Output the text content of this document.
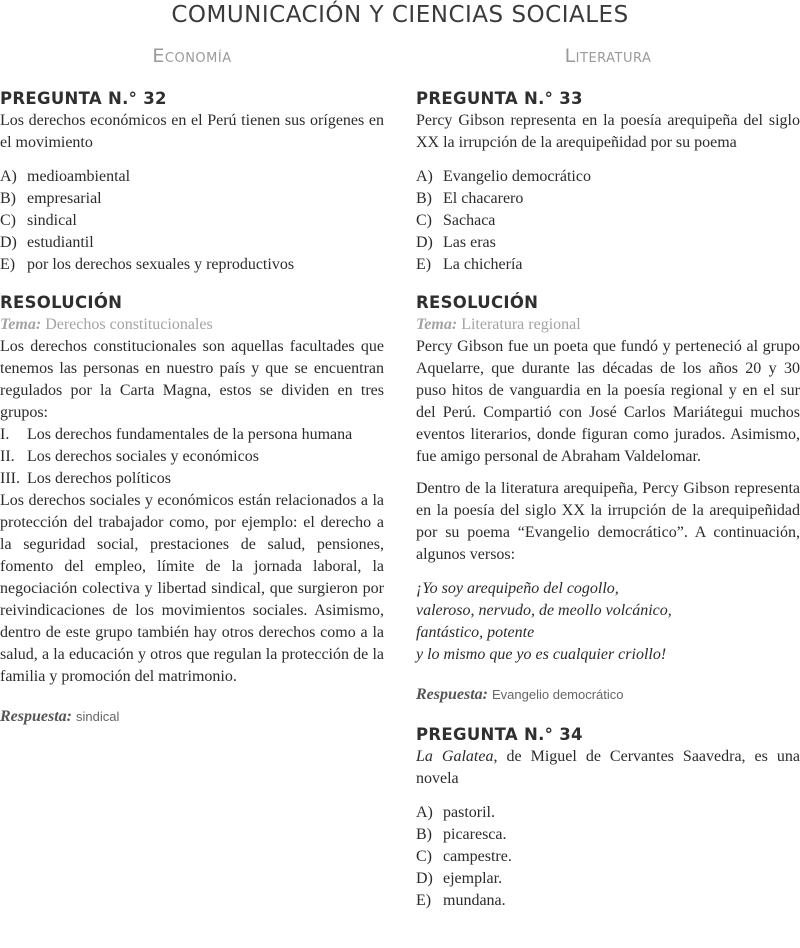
COMUNICACIÓN Y CIENCIAS SOCIALES
Economía
PREGUNTA N.° 32

Los derechos económicos en el Perú tienen sus orígenes en el movimiento

A) medioambiental
B) empresarial
C) sindical
D) estudiantil
E) por los derechos sexuales y reproductivos
RESOLUCIÓN
Tema: Derechos constitucionales

Los derechos constitucionales son aquellas facultades que tenemos las personas en nuestro país y que se encuentran regulados por la Carta Magna, estos se dividen en tres grupos:

I.	Los derechos fundamentales de la persona humana
II. Los derechos sociales y económicos
III. Los derechos políticos

Los derechos sociales y económicos están relacionados a la protección del trabajador como, por ejemplo: el derecho a la seguridad social, prestaciones de salud, pensiones, fomento del empleo, límite de la jornada laboral, la negociación colectiva y libertad sindical, que surgieron por reivindicaciones de los movimientos sociales. Asimismo, dentro de este grupo también hay otros derechos como a la salud, a la educación y otros que regulan la protección de la familia y promoción del matrimonio.

Respuesta: sindical
Literatura
PREGUNTA N.° 33

Percy Gibson representa en la poesía arequipeña del siglo XX la irrupción de la arequipeñidad por su poema

A) Evangelio democrático
B) El chacarero
C) Sachaca
D) Las eras
E) La chichería
RESOLUCIÓN
Tema: Literatura regional

Percy Gibson fue un poeta que fundó y perteneció al grupo Aquelarre, que durante las décadas de los años 20 y 30 puso hitos de vanguardia en la poesía regional y en el sur del Perú. Compartió con José Carlos Mariátegui muchos eventos literarios, donde figuran como jurados. Asimismo, fue amigo personal de Abraham Valdelomar.

Dentro de la literatura arequipeña, Percy Gibson representa en la poesía del siglo XX la irrupción de la arequipeñidad por su poema “Evangelio democrático”. A continuación, algunos versos:

¡Yo soy arequipeño del cogollo,
valeroso, nervudo, de meollo volcánico,
fantástico, potente
y lo mismo que yo es cualquier criollo!
Respuesta: Evangelio democrático
PREGUNTA N.° 34

La Galatea, de Miguel de Cervantes Saavedra, es una novela

A) pastoril.
B) picaresca.
C) campestre.
D) ejemplar.
E) mundana.
